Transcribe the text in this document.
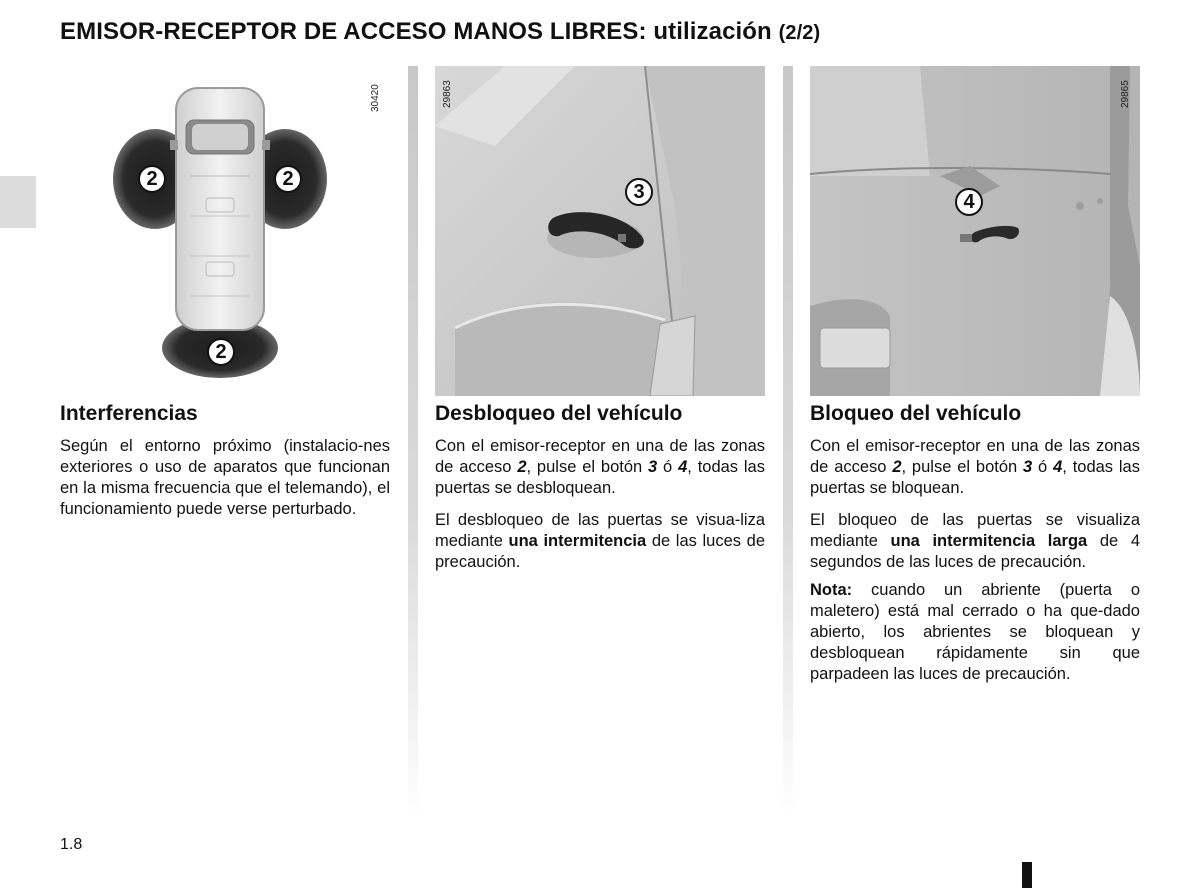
EMISOR-RECEPTOR DE ACCESO MANOS LIBRES: utilización (2/2)
2	2
2
30420
3
29863
4
29865
Interferencias
Según el entorno próximo (instalacio-nes exteriores o uso de aparatos que funcionan en la misma frecuencia que el telemando), el funcionamiento puede verse perturbado.
Desbloqueo del vehículo
Con el emisor-receptor en una de las zonas de acceso 2, pulse el botón 3 ó 4, todas las puertas se desbloquean.
El desbloqueo de las puertas se visua-liza mediante una intermitencia de las luces de precaución.
Bloqueo del vehículo
Con el emisor-receptor en una de las zonas de acceso 2, pulse el botón 3 ó 4, todas las puertas se bloquean.
El bloqueo de las puertas se visualiza mediante una intermitencia larga de 4 segundos de las luces de precaución.
Nota: cuando un abriente (puerta o maletero) está mal cerrado o ha que-dado abierto, los abrientes se bloquean y desbloquean rápidamente sin que parpadeen las luces de precaución.
1.8
